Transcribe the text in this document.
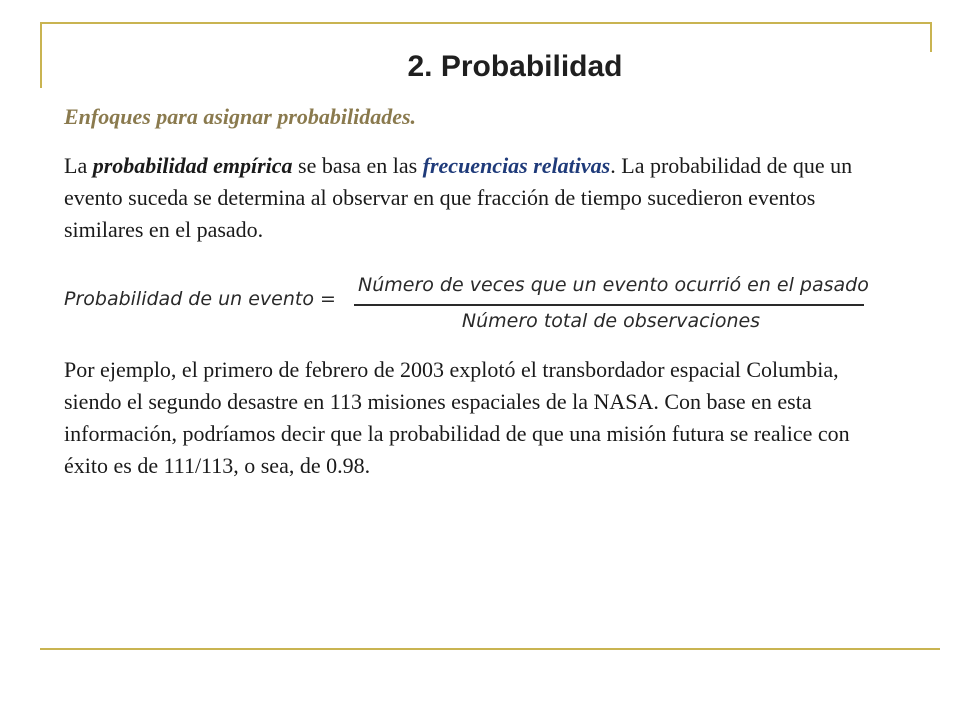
2. Probabilidad
Enfoques para asignar probabilidades.
La probabilidad empírica se basa en las frecuencias relativas. La probabilidad de que un evento suceda se determina al observar en que fracción de tiempo sucedieron eventos similares en el pasado.
Probabilidad de un evento =
Número de veces que un evento ocurrió en el pasado
Número total de observaciones
Por ejemplo, el primero de febrero de 2003 explotó el transbordador espacial Columbia, siendo el segundo desastre en 113 misiones espaciales de la NASA. Con base en esta información, podríamos decir que la probabilidad de que una misión futura se realice con éxito es de 111/113, o sea, de 0.98.
